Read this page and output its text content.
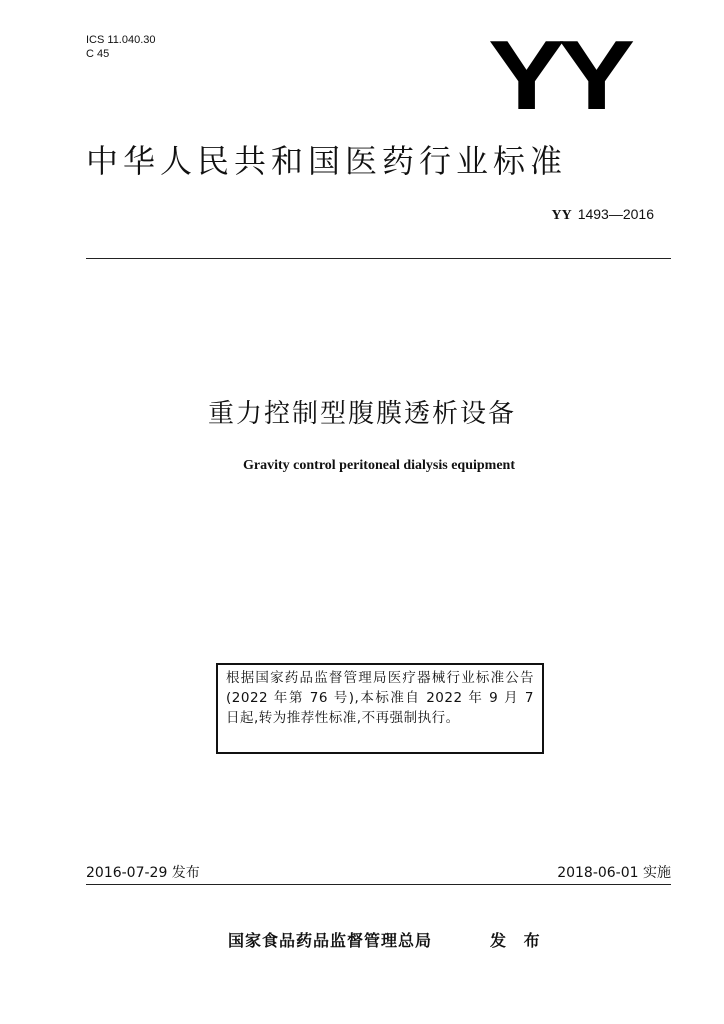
ICS 11.040.30
C 45	YY
中华人民共和国医药行业标准
YY 1493—2016
重力控制型腹膜透析设备
Gravity control peritoneal dialysis equipment
根据国家药品监督管理局医疗器械行业标准公告(2022 年第 76 号),本标准自 2022 年 9 月 7 日起,转为推荐性标准,不再强制执行。
2016-07-29 发布	2018-06-01 实施
国家食品药品监督管理总局	发 布
